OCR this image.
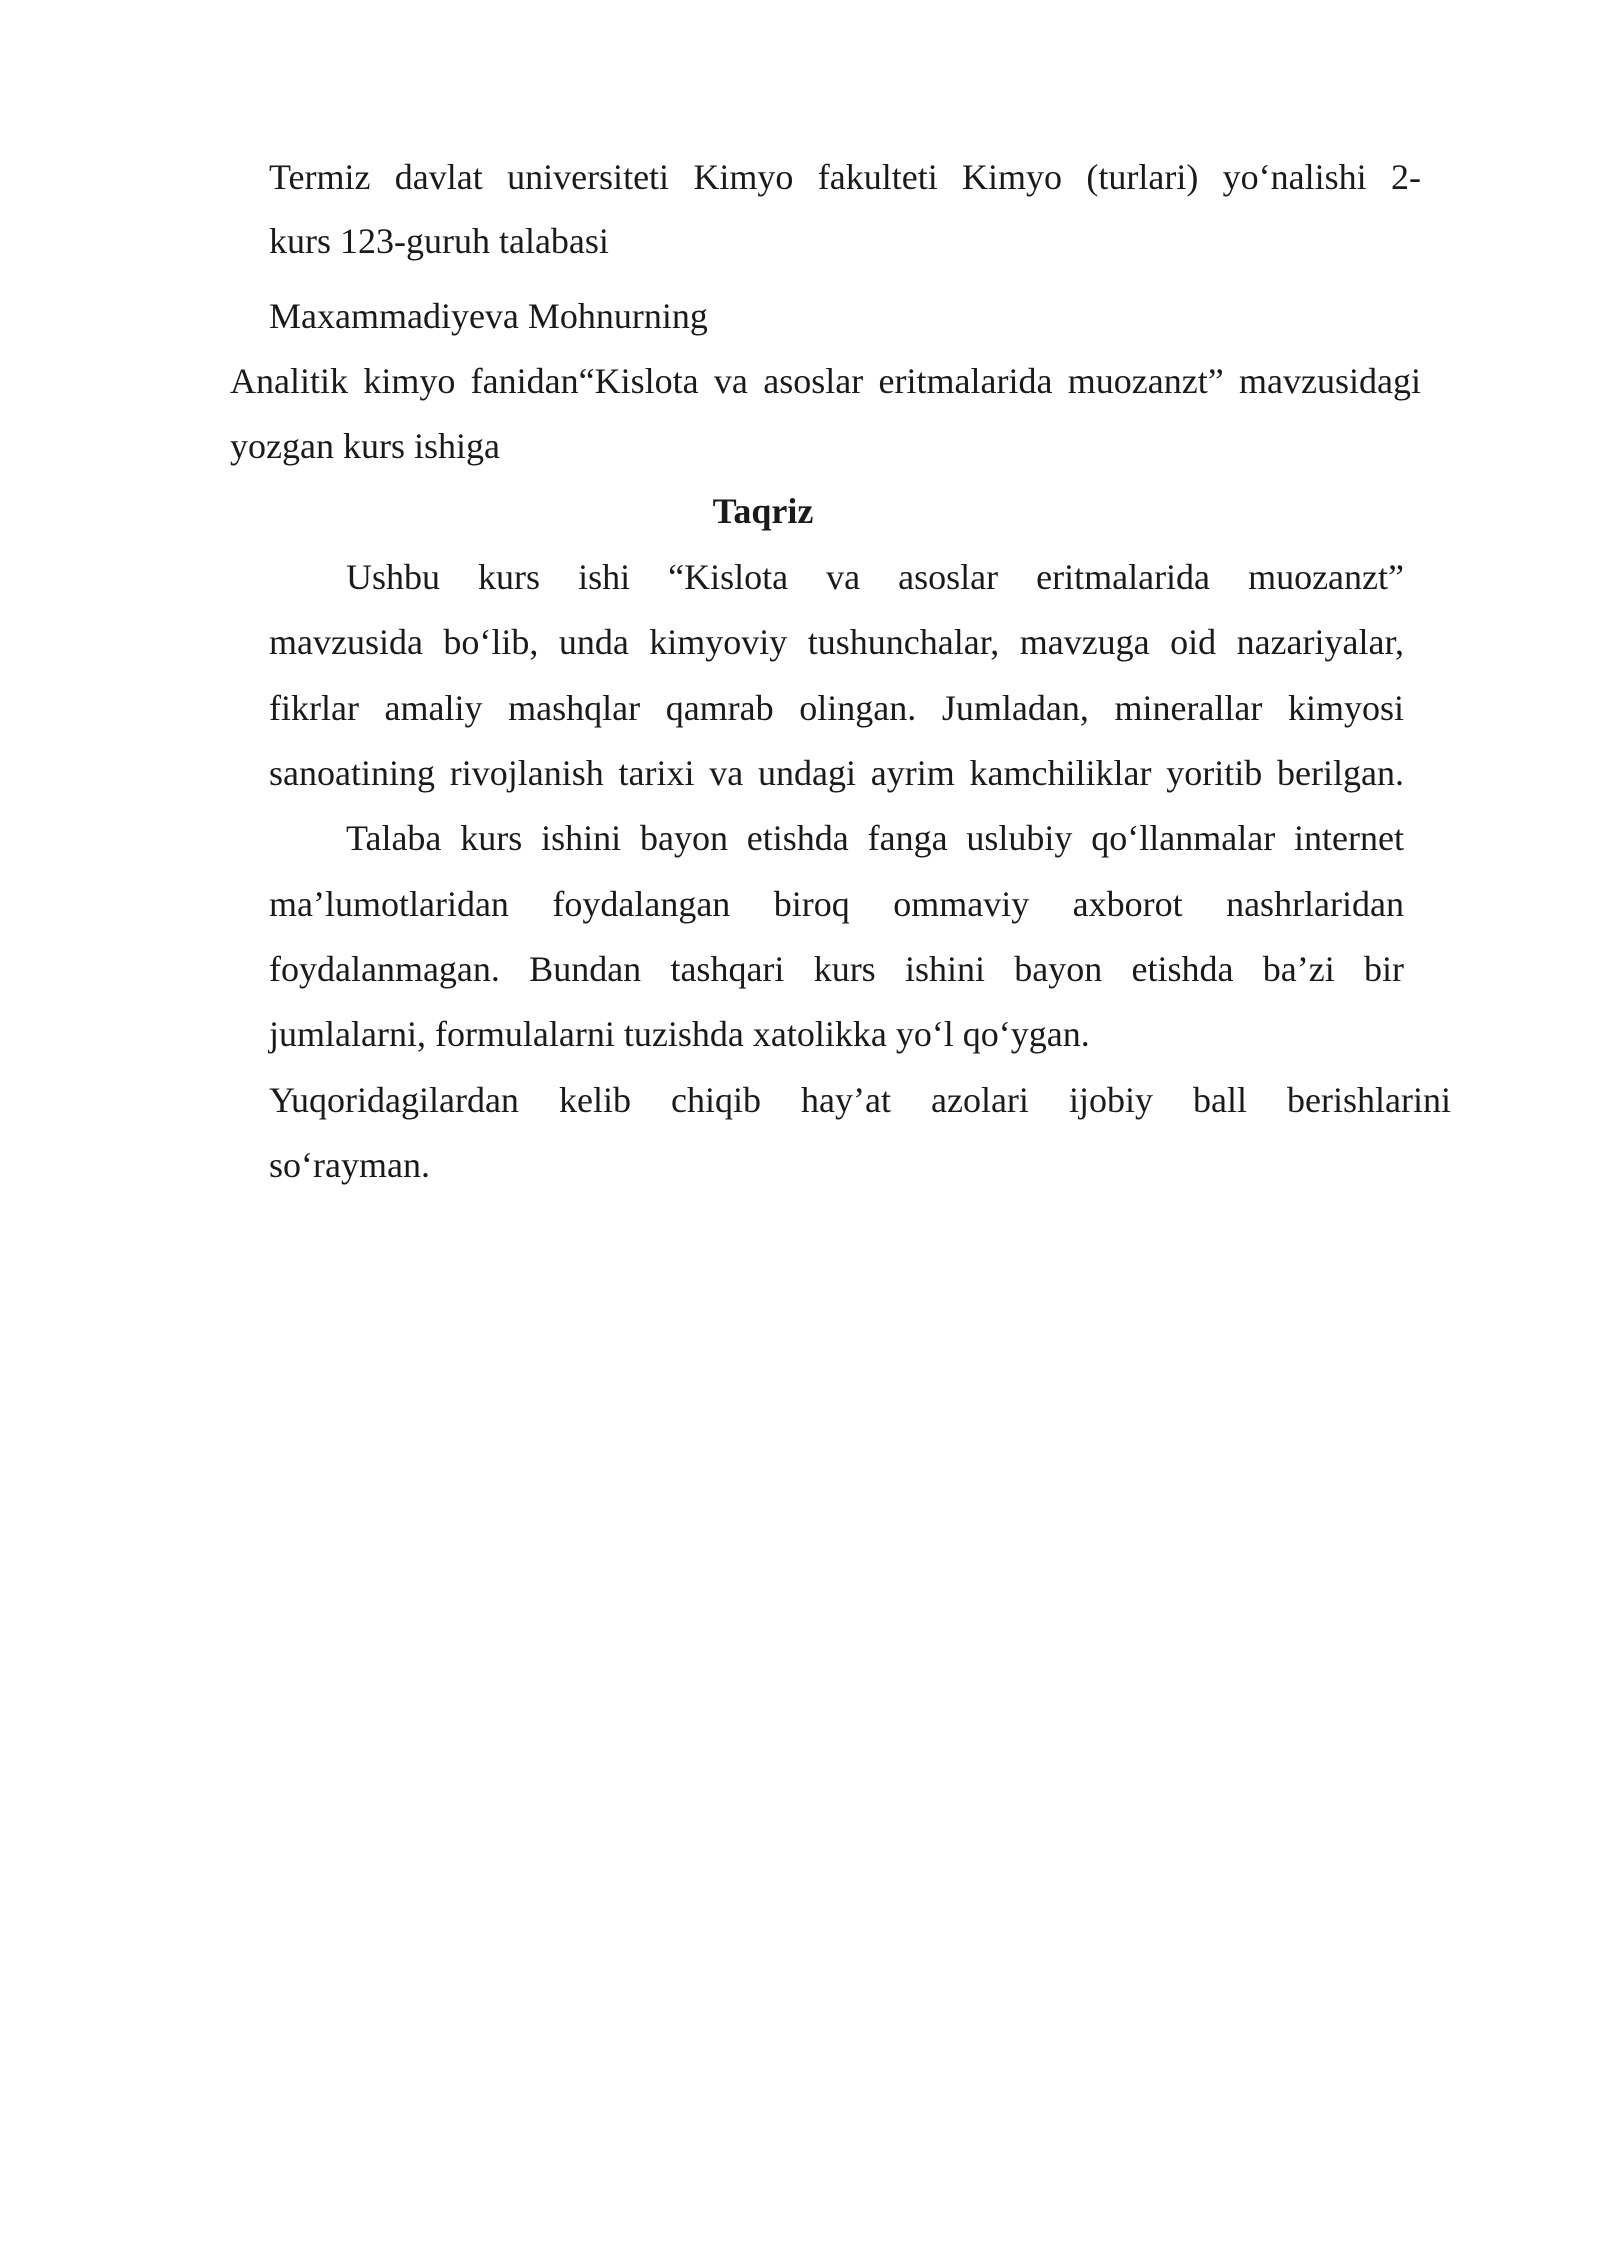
Termiz davlat universiteti Kimyo fakulteti Kimyo (turlari) yo‘nalishi 2-
kurs 123-guruh talabasi
Maxammadiyeva Mohnurning
Analitik kimyo fanidan“Kislota va asoslar eritmalarida muozanzt” mavzusidagi
yozgan kurs ishiga
Taqriz
Ushbu kurs ishi “Kislota va asoslar eritmalarida muozanzt”
mavzusida bo‘lib, unda kimyoviy tushunchalar, mavzuga oid nazariyalar,
fikrlar amaliy mashqlar qamrab olingan. Jumladan, minerallar kimyosi
sanoatining rivojlanish tarixi va undagi ayrim kamchiliklar yoritib berilgan.
Talaba kurs ishini bayon etishda fanga uslubiy qo‘llanmalar internet
ma’lumotlaridan foydalangan biroq ommaviy axborot nashrlaridan
foydalanmagan. Bundan tashqari kurs ishini bayon etishda ba’zi bir
jumlalarni, formulalarni tuzishda xatolikka yo‘l qo‘ygan.
Yuqoridagilardan kelib chiqib hay’at azolari ijobiy ball berishlarini
so‘rayman.
